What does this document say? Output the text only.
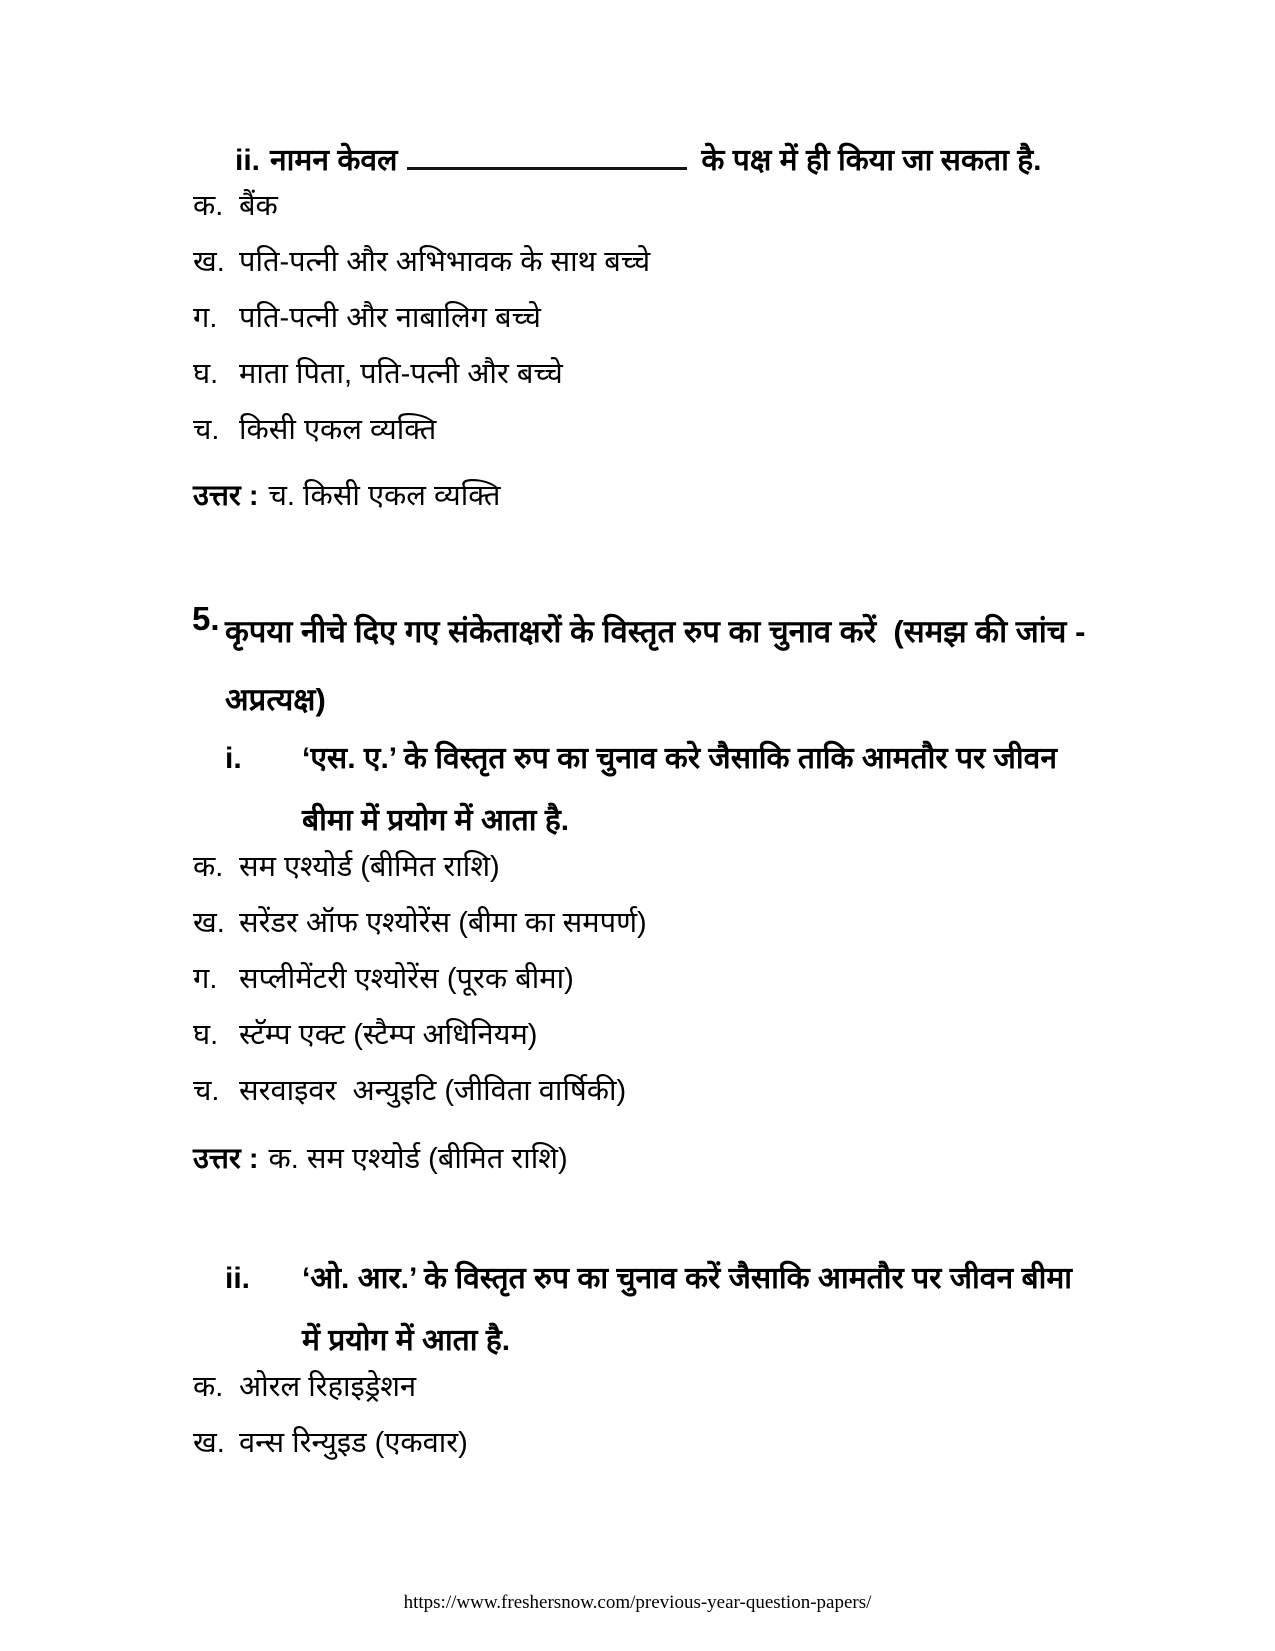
ii. नामन केवल	के पक्ष में ही किया जा सकता है.
क. बैंक
ख. पति-पत्नी और अभिभावक के साथ बच्चे
ग. पति-पत्नी और नाबालिग बच्चे
घ. माता पिता, पति-पत्नी और बच्चे
च. किसी एकल व्यक्ति
उत्तर : च. किसी एकल व्यक्ति
5. कृपया नीचे दिए गए संकेताक्षरों के विस्तृत रुप का चुनाव करें  (समझ की जांच - अप्रत्यक्ष)
i.	‘एस. ए.’ के विस्तृत रुप का चुनाव करे जैसाकि ताकि आमतौर पर जीवन बीमा में प्रयोग में आता है.
क. सम एश्योर्ड (बीमित राशि)
ख. सरेंडर ऑफ एश्योरेंस (बीमा का समपर्ण)
ग. सप्लीमेंटरी एश्योरेंस (पूरक बीमा)
घ. स्टॅम्प एक्ट (स्टैम्प अधिनियम)
च. सरवाइवर  अन्युइटि (जीविता वार्षिकी)
उत्तर : क. सम एश्योर्ड (बीमित राशि)
ii.	‘ओ. आर.’ के विस्तृत रुप का चुनाव करें जैसाकि आमतौर पर जीवन बीमा में प्रयोग में आता है.
क. ओरल रिहाइड्रेशन
ख. वन्स रिन्युइड (एकवार)
https://www.freshersnow.com/previous-year-question-papers/
